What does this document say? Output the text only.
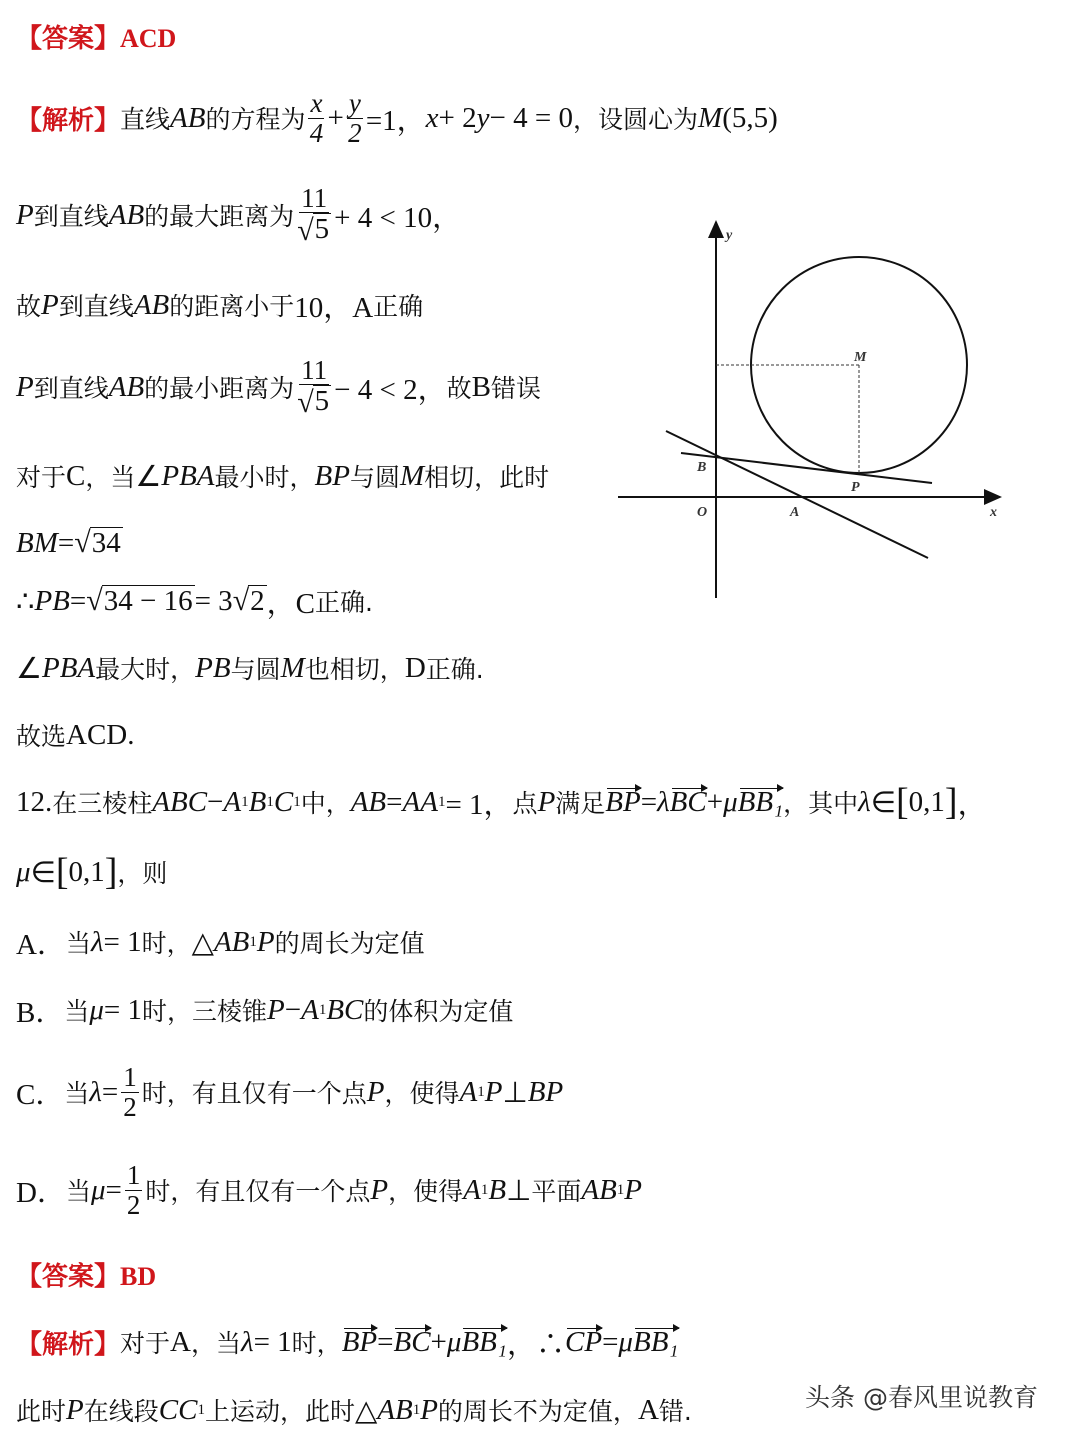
【答案】ACD
【解析】 直线 AB 的方程为 $\frac{x}{4} + \frac{y}{2} =1$， x + 2 y − 4 = 0 ，设圆心为 M (5,5)
P 到直线 AB 的最大距离为 $\frac{11}{√ 5} + 4 < 10$，
故 P 到直线 AB 的距离小于 10，A 正确
P 到直线 AB 的最小距离为 $\frac{11}{√ 5} - 4 < 2$， 故 B 错误
对于 C ，当 ∠ PBA 最小时， BP 与圆 M 相切，此时
BM = √ 34
∴ PB = √ 34 − 16 = 3 √ 2 ，C 正确.
∠ PBA 最大时， PB 与圆 M 也相切， D 正确.
故选 ACD.
12. 在三棱柱 ABC − A 1 B 1 C 1 中， AB = AA 1 = 1， 点 P 满足 BP = λ BC + μ BB₁ ，其中 λ ∈ [ 0,1 ] ，
μ ∈ [ 0,1 ] ，则
A． 当 λ = 1 时， △ AB 1 P 的周长为定值
B． 当 μ = 1 时，三棱锥 P − A 1 BC 的体积为定值
C． 当 $\lambda = \frac{1}{2}$ 时，有且仅有一个点 P ，使得 A 1 P ⊥ BP
D． 当 $\mu = \frac{1}{2}$ 时，有且仅有一个点 P ，使得 A 1 B ⊥ 平面 AB 1 P
【答案】BD
【解析】 对于 A ，当 λ = 1 时， BP = BC + μ BB₁ ，∴ CP = μ BB₁
此时 P 在线段 CC 1 上运动，此时 △ AB 1 P 的周长不为定值， A 错.
y
M
B
P
O	A	x
头条 @春风里说教育
